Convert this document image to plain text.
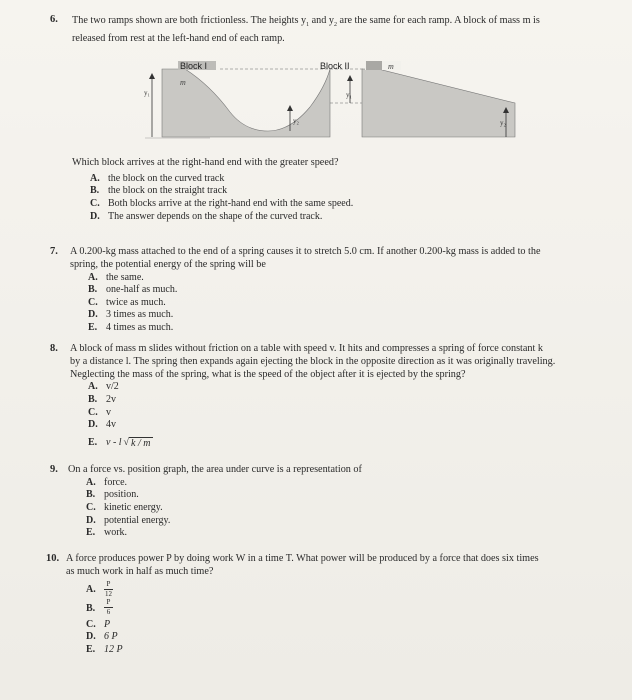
6. The two ramps shown are both frictionless. The heights $y_1$ and $y_2$ are the same for each ramp. A block of mass m is
released from rest at the left-hand end of each ramp.
Block I
m
y₁
y₂
Block II	m
y₁
y₂
Which block arrives at the right-hand end with the greater speed?
A. the block on the curved track
B. the block on the straight track
C. Both blocks arrive at the right-hand end with the same speed.
D. The answer depends on the shape of the curved track.
7. A 0.200-kg mass attached to the end of a spring causes it to stretch 5.0 cm. If another 0.200-kg mass is added to the
spring, the potential energy of the spring will be
A. the same.
B. one-half as much.
C. twice as much.
D. 3 times as much.
E. 4 times as much.
8. A block of mass m slides without friction on a table with speed v. It hits and compresses a spring of force constant k
by a distance l. The spring then expands again ejecting the block in the opposite direction as it was originally traveling.
Neglecting the mass of the spring, what is the speed of the object after it is ejected by the spring?
A. v/2
B. 2v
C. v
D. 4v
E. v - l √ k / m
9. On a force vs. position graph, the area under curve is a representation of
A. force.
B. position.
C. kinetic energy.
D. potential energy.
E. work.
10. A force produces power P by doing work W in a time T. What power will be produced by a force that does six times
as much work in half as much time?
A.	$\frac{P}{12}$
B.	$\frac{P}{6}$
C. P
D. 6 P
E. 12 P
